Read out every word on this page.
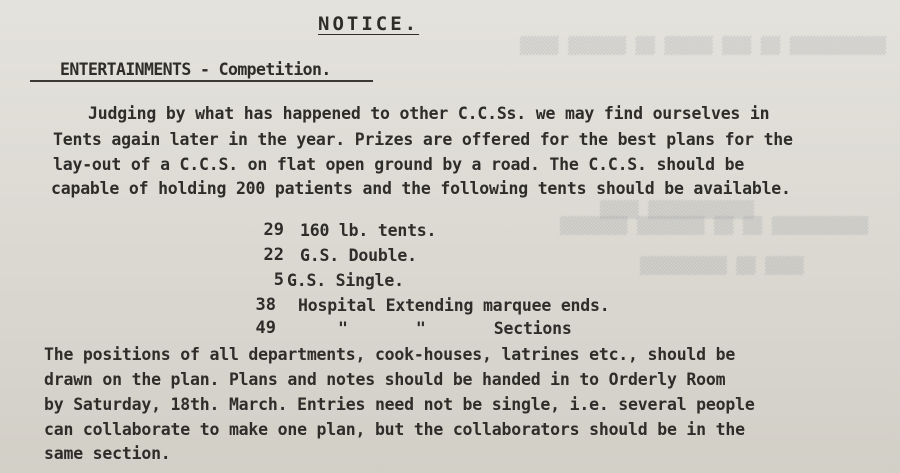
▒▒▒▒▒▒▒▒▒▒ ▒▒ ▒▒▒ ▒▒▒▒▒ ▒▒ ▒▒▒▒▒▒ ▒▒▒▒
▒▒▒▒▒▒▒▒▒▒▒ ▒▒▒▒
▒▒▒▒▒▒▒▒▒▒ ▒▒ ▒▒ ▒▒▒▒▒▒▒ ▒▒▒▒▒▒▒
▒▒▒▒ ▒▒ ▒▒▒▒▒▒▒▒▒
NOTICE.
ENTERTAINMENTS - Competition.
Judging by what has happened to other C.C.Ss. we may find ourselves in
Tents again later in the year. Prizes are offered for the best plans for the
lay-out of a C.C.S. on flat open ground by a road. The C.C.S. should be
capable of holding 200 patients and the following tents should be available.
29 160 lb. tents.
22 G.S. Double.
5 G.S. Single.
38 Hospital Extending marquee ends.
49	"       "       Sections
The positions of all departments, cook-houses, latrines etc., should be
drawn on the plan. Plans and notes should be handed in to Orderly Room
by Saturday, 18th. March. Entries need not be single, i.e. several people
can collaborate to make one plan, but the collaborators should be in the
same section.
